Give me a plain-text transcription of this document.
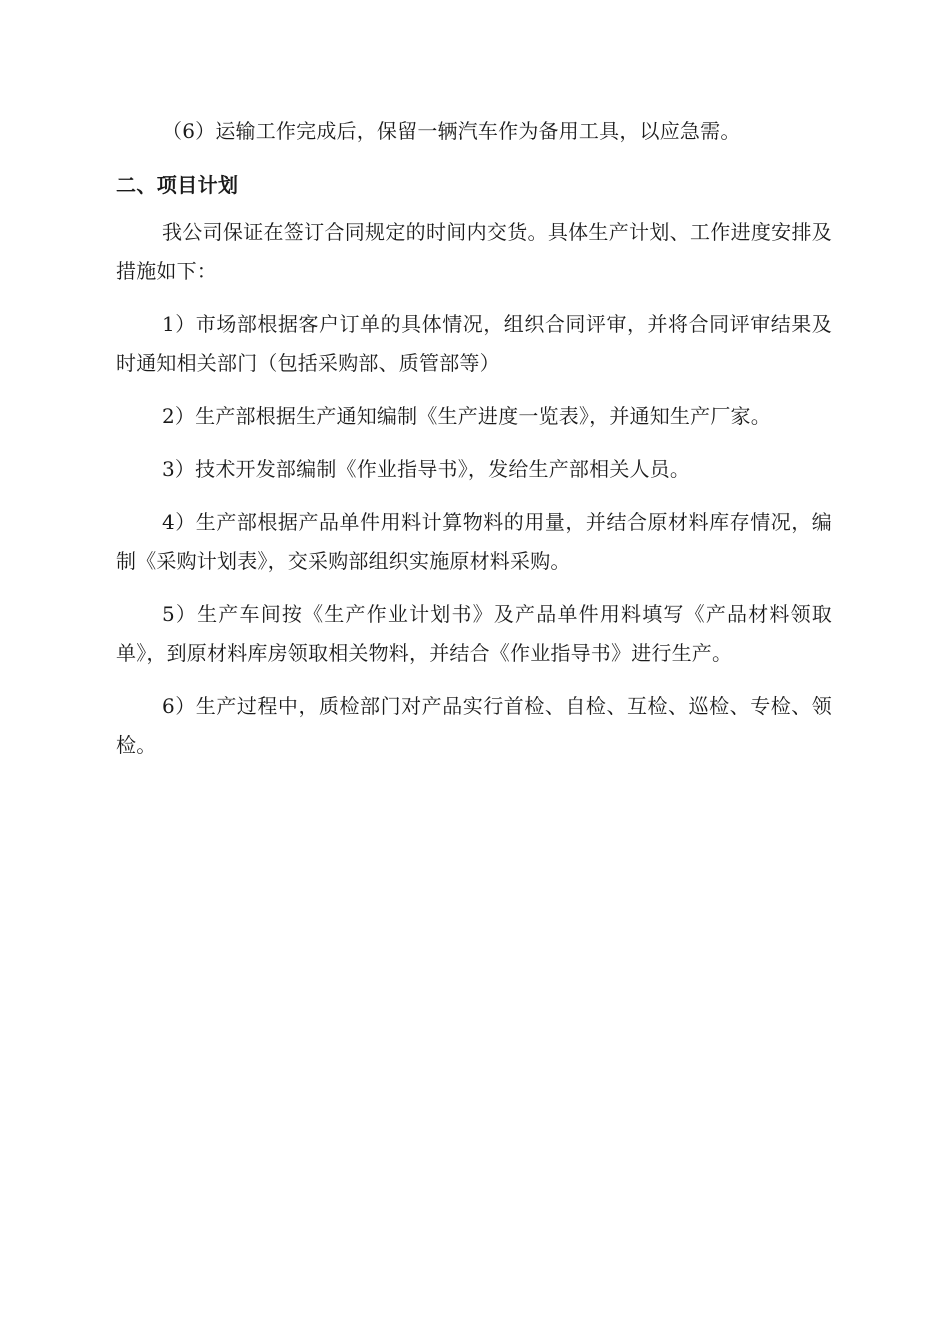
（6）运输工作完成后，保留一辆汽车作为备用工具，以应急需。

二、项目计划

我公司保证在签订合同规定的时间内交货。具体生产计划、工作进度安排及措施如下：

1）市场部根据客户订单的具体情况，组织合同评审，并将合同评审结果及时通知相关部门（包括采购部、质管部等）

2）生产部根据生产通知编制《生产进度一览表》，并通知生产厂家。

3）技术开发部编制《作业指导书》，发给生产部相关人员。

4）生产部根据产品单件用料计算物料的用量，并结合原材料库存情况，编制《采购计划表》，交采购部组织实施原材料采购。

5）生产车间按《生产作业计划书》及产品单件用料填写《产品材料领取单》，到原材料库房领取相关物料，并结合《作业指导书》进行生产。

6）生产过程中，质检部门对产品实行首检、自检、互检、巡检、专检、领检。
